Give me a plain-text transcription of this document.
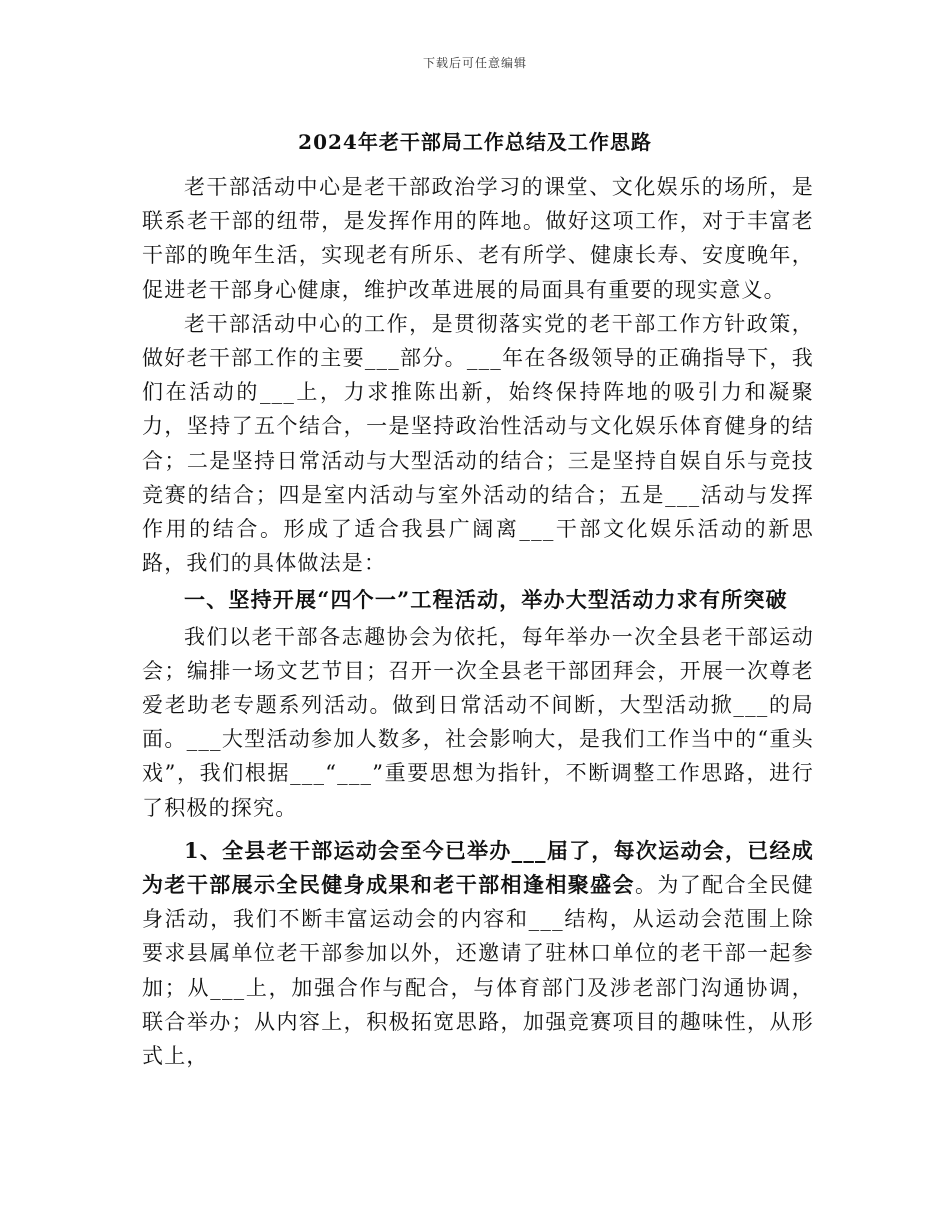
下载后可任意编辑
2024年老干部局工作总结及工作思路

老干部活动中心是老干部政治学习的课堂、文化娱乐的场所，是联系老干部的纽带，是发挥作用的阵地。做好这项工作，对于丰富老干部的晚年生活，实现老有所乐、老有所学、健康长寿、安度晚年，促进老干部身心健康，维护改革进展的局面具有重要的现实意义。

老干部活动中心的工作，是贯彻落实党的老干部工作方针政策，做好老干部工作的主要___部分。___年在各级领导的正确指导下，我们在活动的___上，力求推陈出新，始终保持阵地的吸引力和凝聚力，坚持了五个结合，一是坚持政治性活动与文化娱乐体育健身的结合；二是坚持日常活动与大型活动的结合；三是坚持自娱自乐与竞技竞赛的结合；四是室内活动与室外活动的结合；五是___活动与发挥作用的结合。形成了适合我县广阔离___干部文化娱乐活动的新思路，我们的具体做法是：

一、坚持开展“四个一”工程活动，举办大型活动力求有所突破

我们以老干部各志趣协会为依托，每年举办一次全县老干部运动会；编排一场文艺节目；召开一次全县老干部团拜会，开展一次尊老爱老助老专题系列活动。做到日常活动不间断，大型活动掀___的局面。___大型活动参加人数多，社会影响大，是我们工作当中的“重头戏”，我们根据___“___”重要思想为指针，不断调整工作思路，进行了积极的探究。

1、全县老干部运动会至今已举办___届了，每次运动会，已经成为老干部展示全民健身成果和老干部相逢相聚盛会。为了配合全民健身活动，我们不断丰富运动会的内容和___结构，从运动会范围上除要求县属单位老干部参加以外，还邀请了驻林口单位的老干部一起参加；从___上，加强合作与配合，与体育部门及涉老部门沟通协调，联合举办；从内容上，积极拓宽思路，加强竞赛项目的趣味性，从形式上，
